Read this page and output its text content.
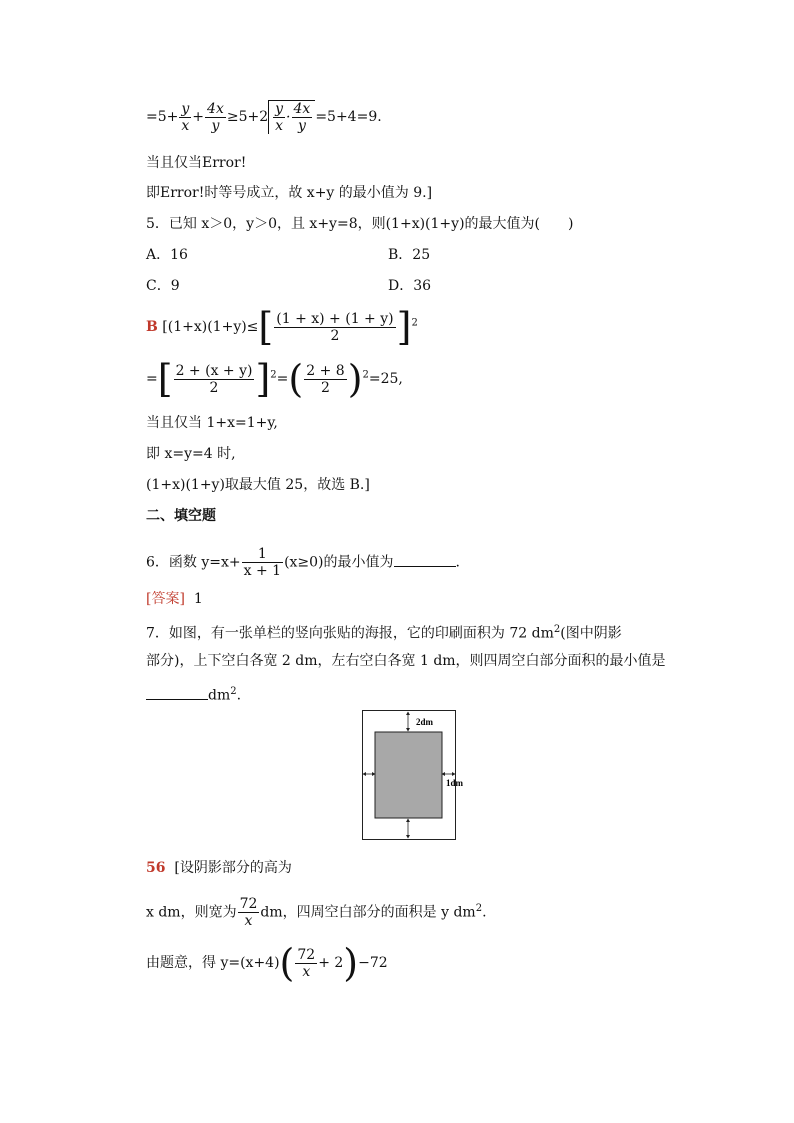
$=5+ \frac{y}{x} + \frac{4x}{y} \ge 5+2 \frac{y}{x} \cdot \frac{4x}{y} =5+4=9$.
当且仅当Error!
即Error!时等号成立，故 x+y 的最小值为 9.]
5．已知 x＞0，y＞0，且 x+y=8，则(1+x)(1+y)的最大值为(　　)
A．16	B．25
C．9	D．36
B [$(1+x)(1+y)\le[ \frac{(1 + x) + (1 + y)}{2} ]^2$
=[ $\frac{2 + (x + y)}{2} ]^2=( \frac{2 + 8}{2} )^2=25$,
当且仅当 1+x=1+y,
即 x=y=4 时,
(1+x)(1+y)取最大值 25，故选 B.]
二、填空题
6．函数 $y=x+ \frac{1}{x + 1} (x\ge 0)$的最小值为	.
[答案] 1
7．如图，有一张单栏的竖向张贴的海报，它的印刷面积为 72 $dm^2$(图中阴影
部分)，上下空白各宽 2 dm，左右空白各宽 1 dm，则四周空白部分面积的最小值是
$dm^2$.
2dm
1dm
56 [设阴影部分的高为
x dm，则宽为 $\frac{72}{x}$ dm，四周空白部分的面积是 y $dm^2$.
由题意，得 $y=(x+4)( \frac{72}{x} + 2)-72$
